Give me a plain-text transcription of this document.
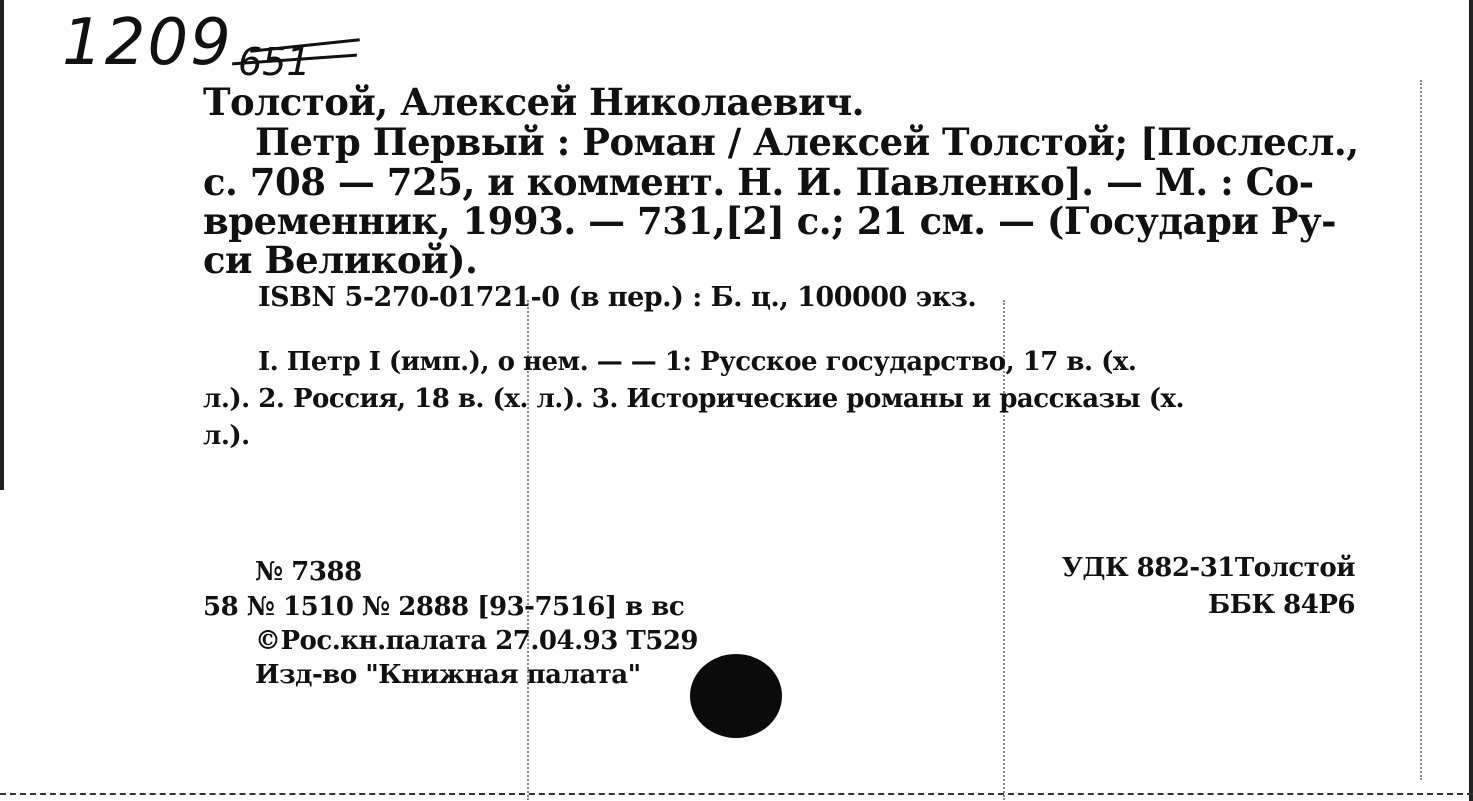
1209 651
Толстой, Алексей Николаевич.
Петр Первый : Роман / Алексей Толстой; [Послесл.,
с. 708 — 725, и коммент. Н. И. Павленко]. — М. : Со-
временник, 1993. — 731,[2] с.; 21 см. — (Государи Ру-
си Великой).
ISBN 5-270-01721-0 (в пер.) : Б. ц., 100000 экз.
I. Петр I (имп.), о нем. — — 1: Русское государство, 17 в. (х.
л.). 2. Россия, 18 в. (х. л.). 3. Исторические романы и рассказы (х.
л.).
№ 7388
58 № 1510 № 2888 [93-7516] в вс
©Рос.кн.палата 27.04.93 Т529
Изд-во "Книжная палата"
УДК 882-31Толстой
ББК 84Р6
